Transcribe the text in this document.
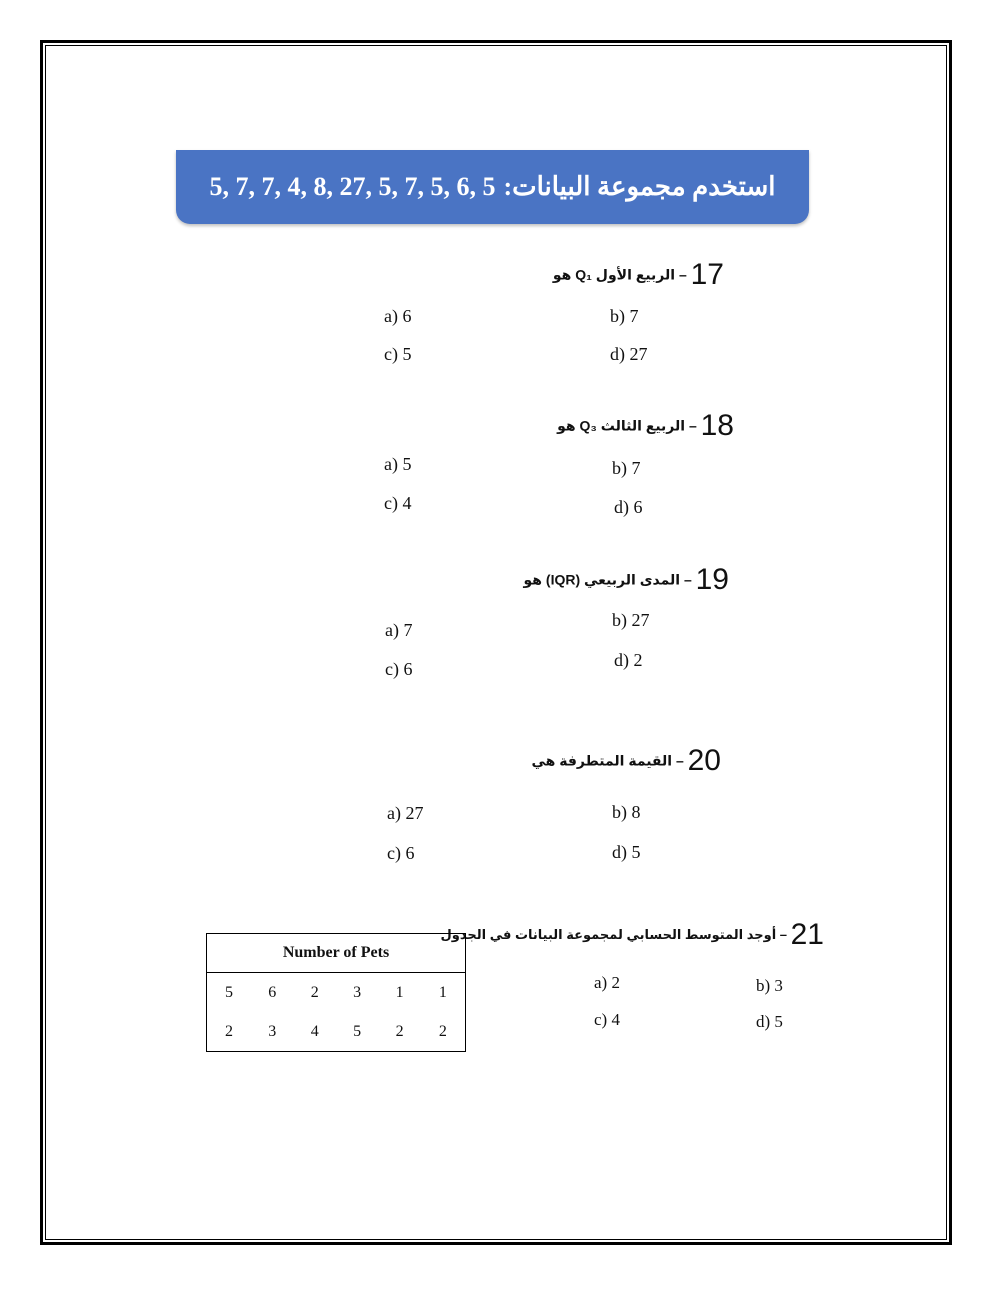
استخدم مجموعة البيانات:
5, 7, 7, 4, 8, 27, 5, 7, 5, 6, 5
17 – الربيع الأول Q₁ هو
a) 6	b) 7
c) 5	d) 27
18 – الربيع الثالث Q₃ هو
a) 5	b) 7
c) 4	d) 6
19 – المدى الربيعي (IQR) هو
a) 7	b) 27
c) 6	d) 2
20 – القيمة المتطرفة هي
a) 27	b) 8
c) 6	d) 5
21 – أوجد المتوسط الحسابي لمجموعة البيانات في الجدول
a) 2	b) 3
c) 4	d) 5
Number of Pets					
5	6	2	3	1	1
2	3	4	5	2	2
